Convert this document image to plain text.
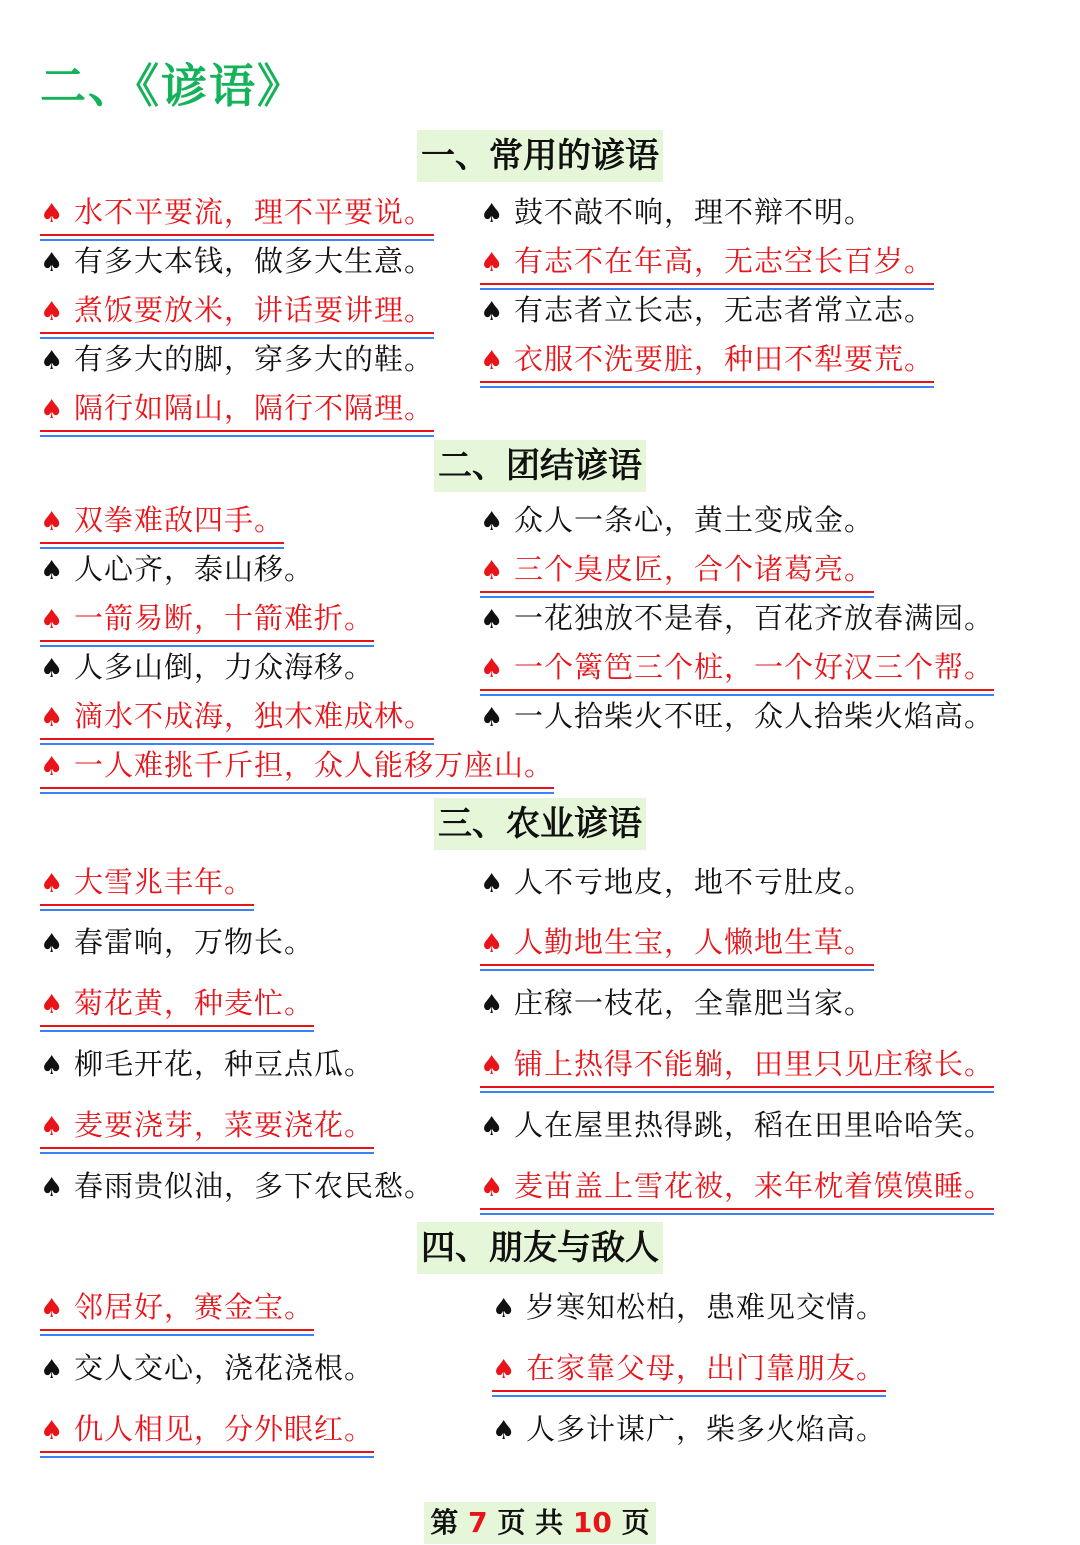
二、《谚语》
一、常用的谚语
♠ 水不平要流，理不平要说。 ♠ 鼓不敲不响，理不辩不明。
♠ 有多大本钱，做多大生意。 ♠ 有志不在年高，无志空长百岁。
♠ 煮饭要放米，讲话要讲理。 ♠ 有志者立长志，无志者常立志。
♠ 有多大的脚，穿多大的鞋。 ♠ 衣服不洗要脏，种田不犁要荒。
♠ 隔行如隔山，隔行不隔理。
二、团结谚语
♠ 双拳难敌四手。	♠ 众人一条心，黄土变成金。
♠ 人心齐，泰山移。	♠ 三个臭皮匠，合个诸葛亮。
♠ 一箭易断，十箭难折。	♠ 一花独放不是春，百花齐放春满园。
♠ 人多山倒，力众海移。	♠ 一个篱笆三个桩，一个好汉三个帮。
♠ 滴水不成海，独木难成林。 ♠ 一人拾柴火不旺，众人拾柴火焰高。
♠ 一人难挑千斤担，众人能移万座山。
三、农业谚语
♠ 大雪兆丰年。	♠ 人不亏地皮，地不亏肚皮。
♠ 春雷响，万物长。	♠ 人勤地生宝，人懒地生草。
♠ 菊花黄，种麦忙。	♠ 庄稼一枝花，全靠肥当家。
♠ 柳毛开花，种豆点瓜。	♠ 铺上热得不能躺，田里只见庄稼长。
♠ 麦要浇芽，菜要浇花。	♠ 人在屋里热得跳，稻在田里哈哈笑。
♠ 春雨贵似油，多下农民愁。 ♠ 麦苗盖上雪花被，来年枕着馍馍睡。
四、朋友与敌人
♠ 邻居好，赛金宝。	♠ 岁寒知松柏，患难见交情。
♠ 交人交心，浇花浇根。	♠ 在家靠父母，出门靠朋友。
♠ 仇人相见，分外眼红。	♠ 人多计谋广，柴多火焰高。
第 7 页 共 10 页
